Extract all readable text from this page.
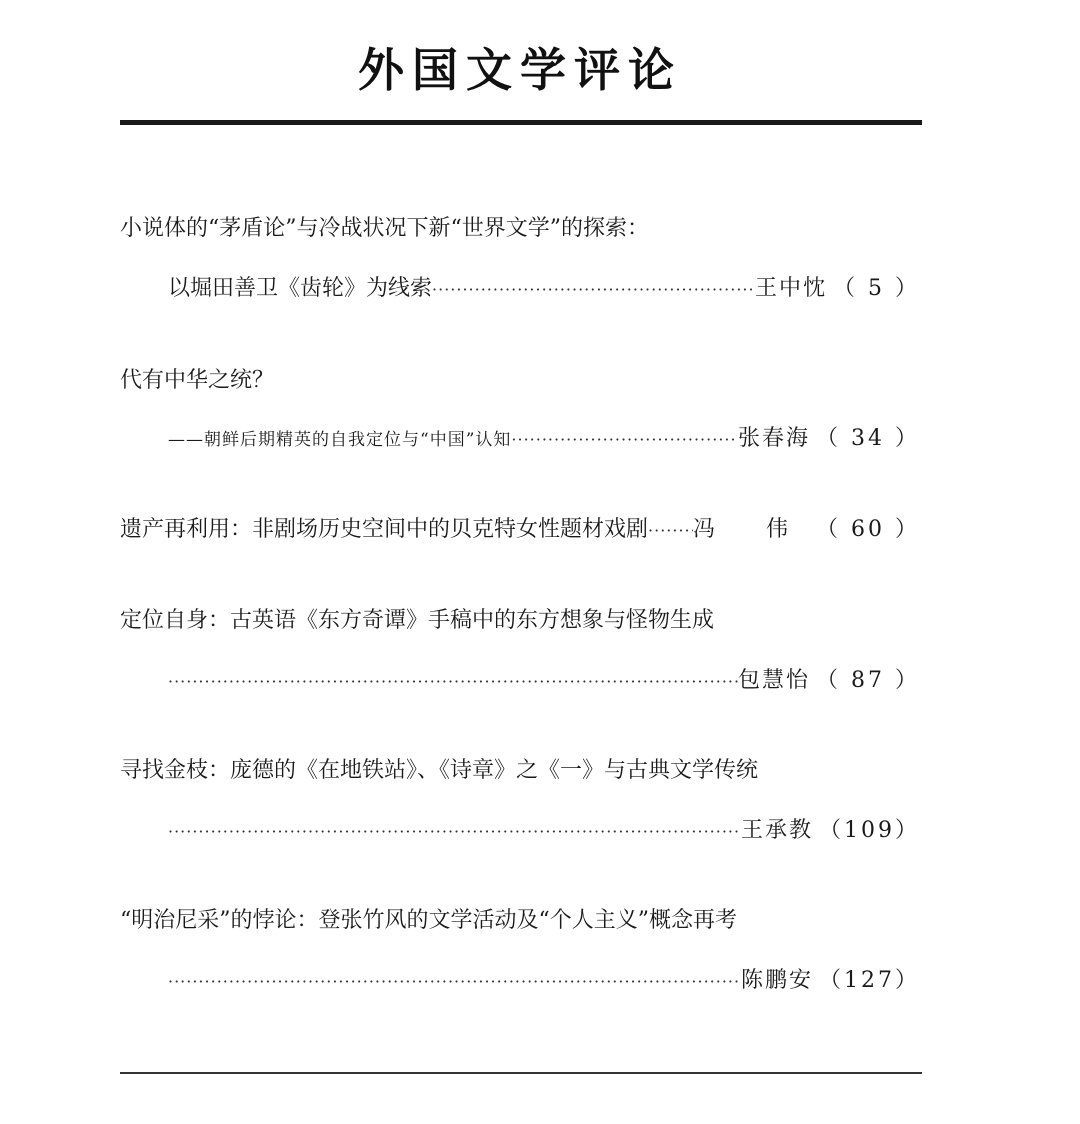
外国文学评论
小说体的“茅盾论”与冷战状况下新“世界文学”的探索：
以堀田善卫《齿轮》为线索 ·····	王中忱 （ 5 ）
代有中华之统？
——朝鲜后期精英的自我定位与“中国”认知 ·····	张春海 （ 34 ）
遗产再利用：非剧场历史空间中的贝克特女性题材戏剧 ····· 冯 伟 （ 60 ）
定位自身：古英语《东方奇谭》手稿中的东方想象与怪物生成
·····
包慧怡 （ 87 ）
寻找金枝：庞德的《在地铁站》、《诗章》之《一》与古典文学传统
·····
王承教 （109）
“明治尼采”的悖论：登张竹风的文学活动及“个人主义”概念再考
·····
陈鹏安 （127）
